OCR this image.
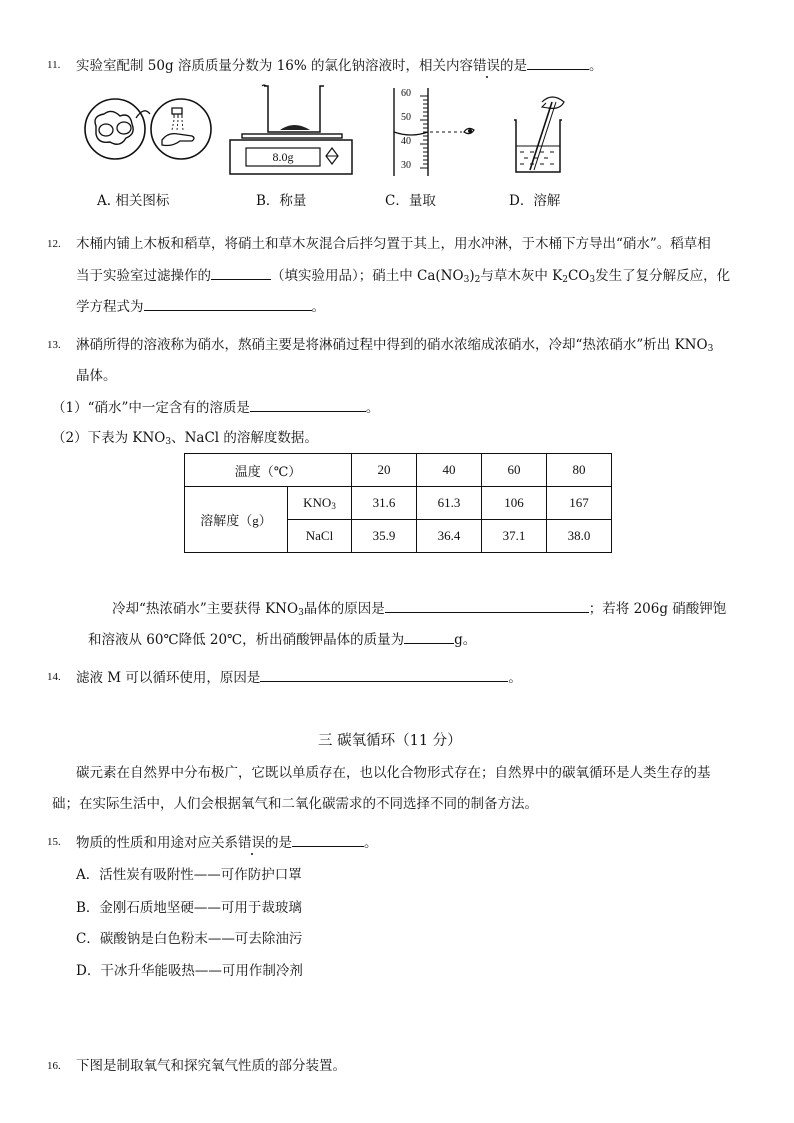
11. 实验室配制 50g 溶质质量分数为 16% 的氯化钠溶液时，相关内容错误的是	。
A. 相关图标
8.0g
B．称量
60
50
40
30
C．量取	D．溶解
12. 木桶内铺上木板和稻草，将硝土和草木灰混合后拌匀置于其上，用水冲淋，于木桶下方导出“硝水”。稻草相
当于实验室过滤操作的	（填实验用品）；硝土中 $Ca(NO_3)_2$与草木灰中 $K_2CO_3$发生了复分解反应，化
学方程式为	。
13. 淋硝所得的溶液称为硝水，熬硝主要是将淋硝过程中得到的硝水浓缩成浓硝水，冷却“热浓硝水”析出 $KNO_3$
晶体。
（1）“硝水”中一定含有的溶质是	。
（2）下表为 $KNO_3$、NaCl 的溶解度数据。
温度（℃）		20	40	60	80
溶解度（g）	$KNO_3$	31.6	61.3	106	167
	NaCl	35.9	36.4	37.1	38.0
冷却“热浓硝水”主要获得 $KNO_3$晶体的原因是	；若将 206g 硝酸钾饱
和溶液从 60℃降低 20℃，析出硝酸钾晶体的质量为	g。
14. 滤液 M 可以循环使用，原因是	。
三 碳氧循环（11 分）
碳元素在自然界中分布极广，它既以单质存在，也以化合物形式存在；自然界中的碳氧循环是人类生存的基
础；在实际生活中，人们会根据氧气和二氧化碳需求的不同选择不同的制备方法。
15. 物质的性质和用途对应关系错误的是	。
A．活性炭有吸附性——可作防护口罩
B．金刚石质地坚硬——可用于裁玻璃
C．碳酸钠是白色粉末——可去除油污
D．干冰升华能吸热——可用作制冷剂
16. 下图是制取氧气和探究氧气性质的部分装置。
